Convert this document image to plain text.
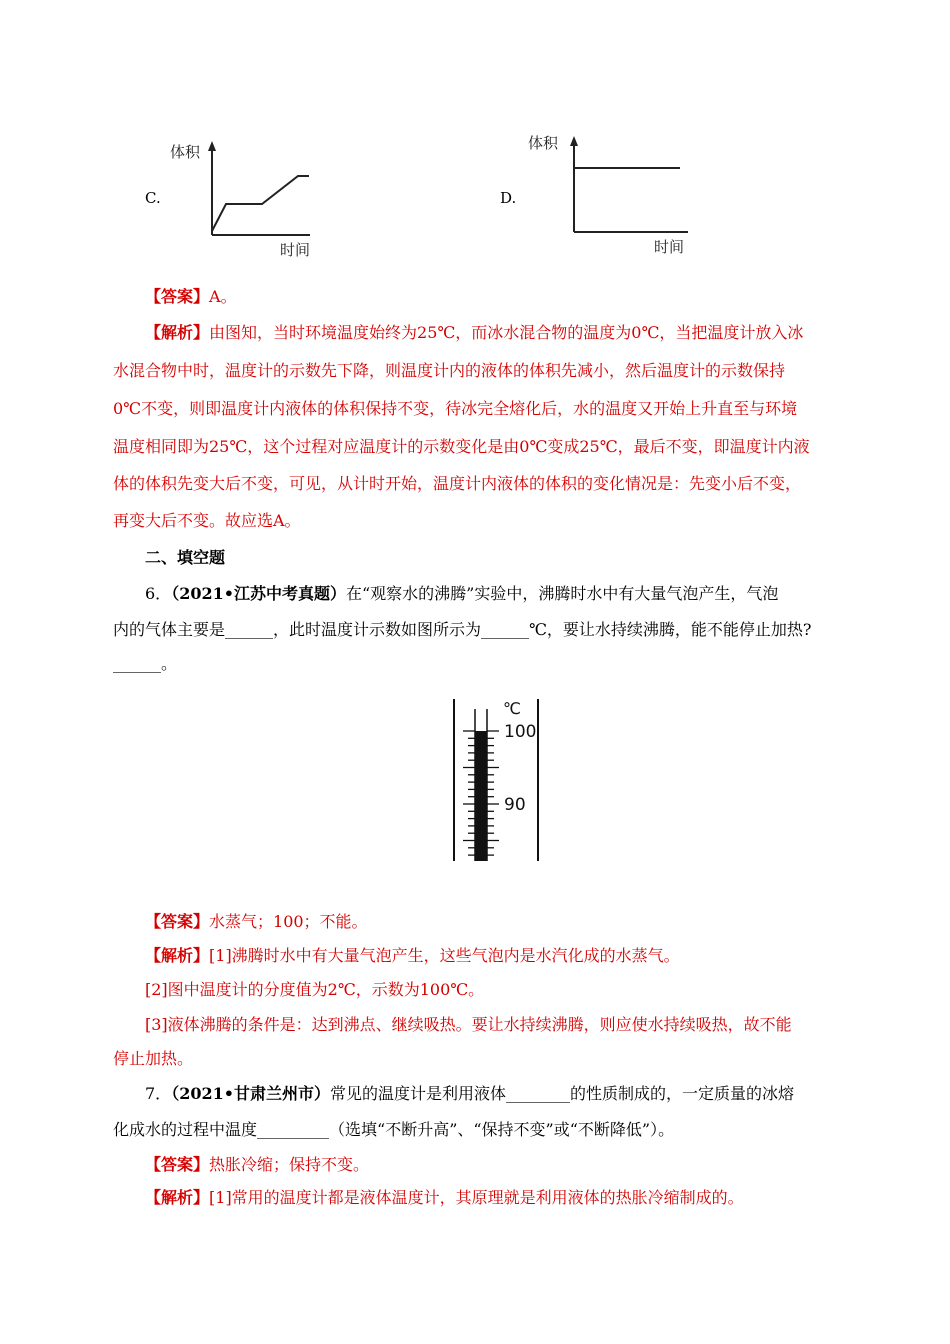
C.
体积
时间
D.
体积
时间
【答案】A。
【解析】由图知，当时环境温度始终为25℃，而冰水混合物的温度为0℃，当把温度计放入冰
水混合物中时，温度计的示数先下降，则温度计内的液体的体积先减小，然后温度计的示数保持
0℃不变，则即温度计内液体的体积保持不变，待冰完全熔化后，水的温度又开始上升直至与环境
温度相同即为25℃，这个过程对应温度计的示数变化是由0℃变成25℃，最后不变，即温度计内液
体的体积先变大后不变，可见，从计时开始，温度计内液体的体积的变化情况是：先变小后不变，
再变大后不变。故应选A。
二、填空题
6．（2021•江苏中考真题）在“观察水的沸腾”实验中，沸腾时水中有大量气泡产生，气泡
内的气体主要是______，此时温度计示数如图所示为______℃，要让水持续沸腾，能不能停止加热?
______。
℃
100
90
【答案】水蒸气；100；不能。
【解析】[1]沸腾时水中有大量气泡产生，这些气泡内是水汽化成的水蒸气。
[2]图中温度计的分度值为2℃，示数为100℃。
[3]液体沸腾的条件是：达到沸点、继续吸热。要让水持续沸腾，则应使水持续吸热，故不能
停止加热。
7．（2021•甘肃兰州市）常见的温度计是利用液体________的性质制成的，一定质量的冰熔
化成水的过程中温度_________（选填“不断升高”、“保持不变”或“不断降低”）。
【答案】热胀冷缩；保持不变。
【解析】[1]常用的温度计都是液体温度计，其原理就是利用液体的热胀冷缩制成的。
